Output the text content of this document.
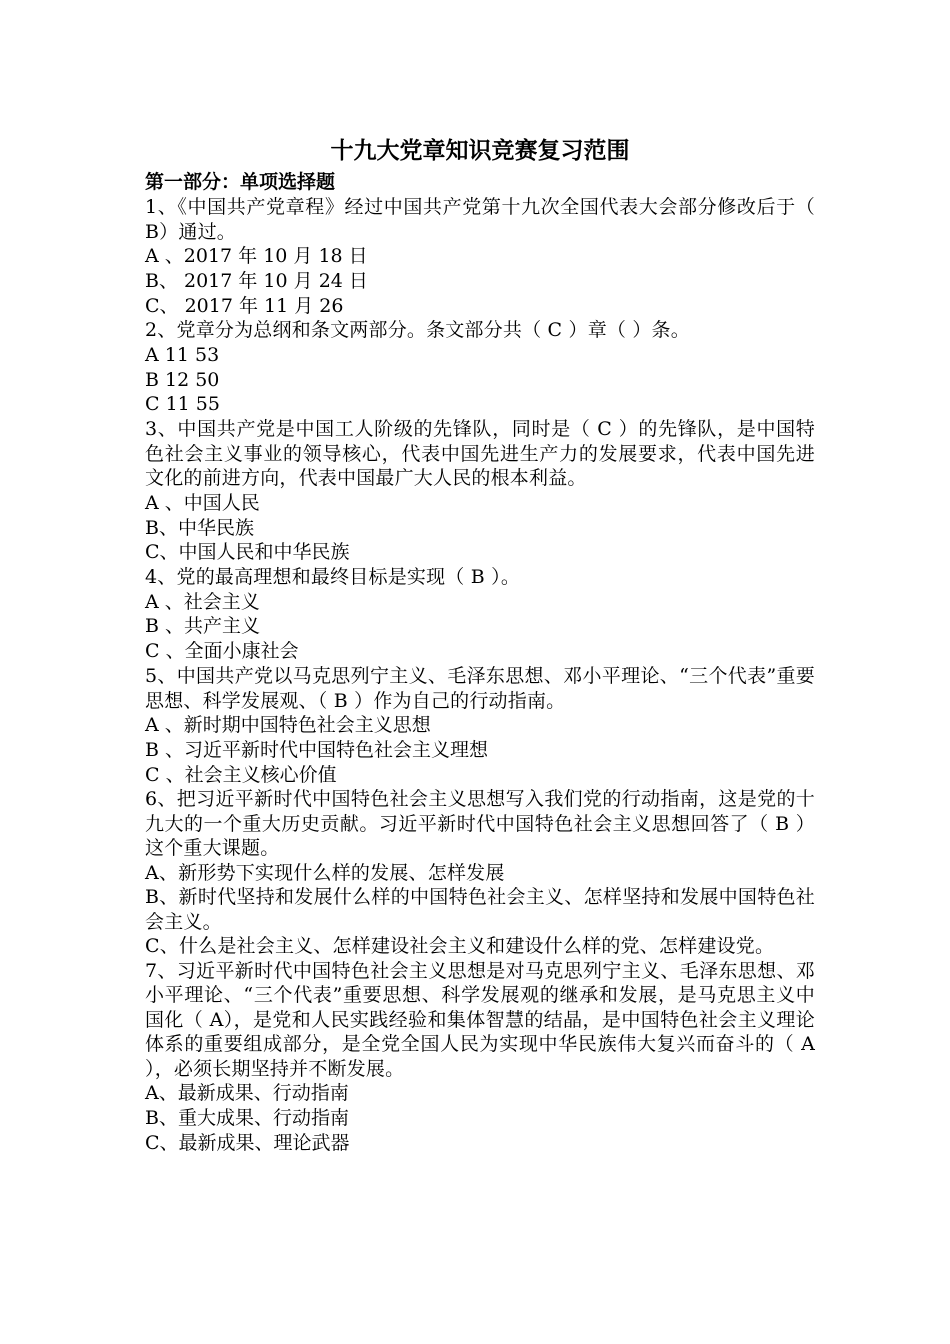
十九大党章知识竞赛复习范围

第一部分：单项选择题

1、《中国共产党章程》经过中国共产党第十九次全国代表大会部分修改后于（ B）通过。

A 、2017 年 10 月 18 日

B、 2017 年 10 月 24 日

C、 2017 年 11 月 26

2、党章分为总纲和条文两部分。条文部分共（ C ）章（ ）条。

A 11 53

B 12 50

C 11 55

3、中国共产党是中国工人阶级的先锋队，同时是（ C ）的先锋队，是中国特色社会主义事业的领导核心，代表中国先进生产力的发展要求，代表中国先进文化的前进方向，代表中国最广大人民的根本利益。

A 、中国人民

B、中华民族

C、中国人民和中华民族

4、党的最高理想和最终目标是实现（ B ）。

A 、社会主义

B 、共产主义

C 、全面小康社会

5、中国共产党以马克思列宁主义、毛泽东思想、邓小平理论、“三个代表”重要思想、科学发展观、（ B ）作为自己的行动指南。

A 、新时期中国特色社会主义思想

B 、习近平新时代中国特色社会主义理想

C 、社会主义核心价值

6、把习近平新时代中国特色社会主义思想写入我们党的行动指南，这是党的十九大的一个重大历史贡献。习近平新时代中国特色社会主义思想回答了（ B ）这个重大课题。

A、新形势下实现什么样的发展、怎样发展

B、新时代坚持和发展什么样的中国特色社会主义、怎样坚持和发展中国特色社会主义。

C、什么是社会主义、怎样建设社会主义和建设什么样的党、怎样建设党。

7、习近平新时代中国特色社会主义思想是对马克思列宁主义、毛泽东思想、邓小平理论、“三个代表”重要思想、科学发展观的继承和发展，是马克思主义中国化（ A），是党和人民实践经验和集体智慧的结晶，是中国特色社会主义理论体系的重要组成部分，是全党全国人民为实现中华民族伟大复兴而奋斗的（ A ），必须长期坚持并不断发展。

A、最新成果、行动指南

B、重大成果、行动指南

C、最新成果、理论武器
